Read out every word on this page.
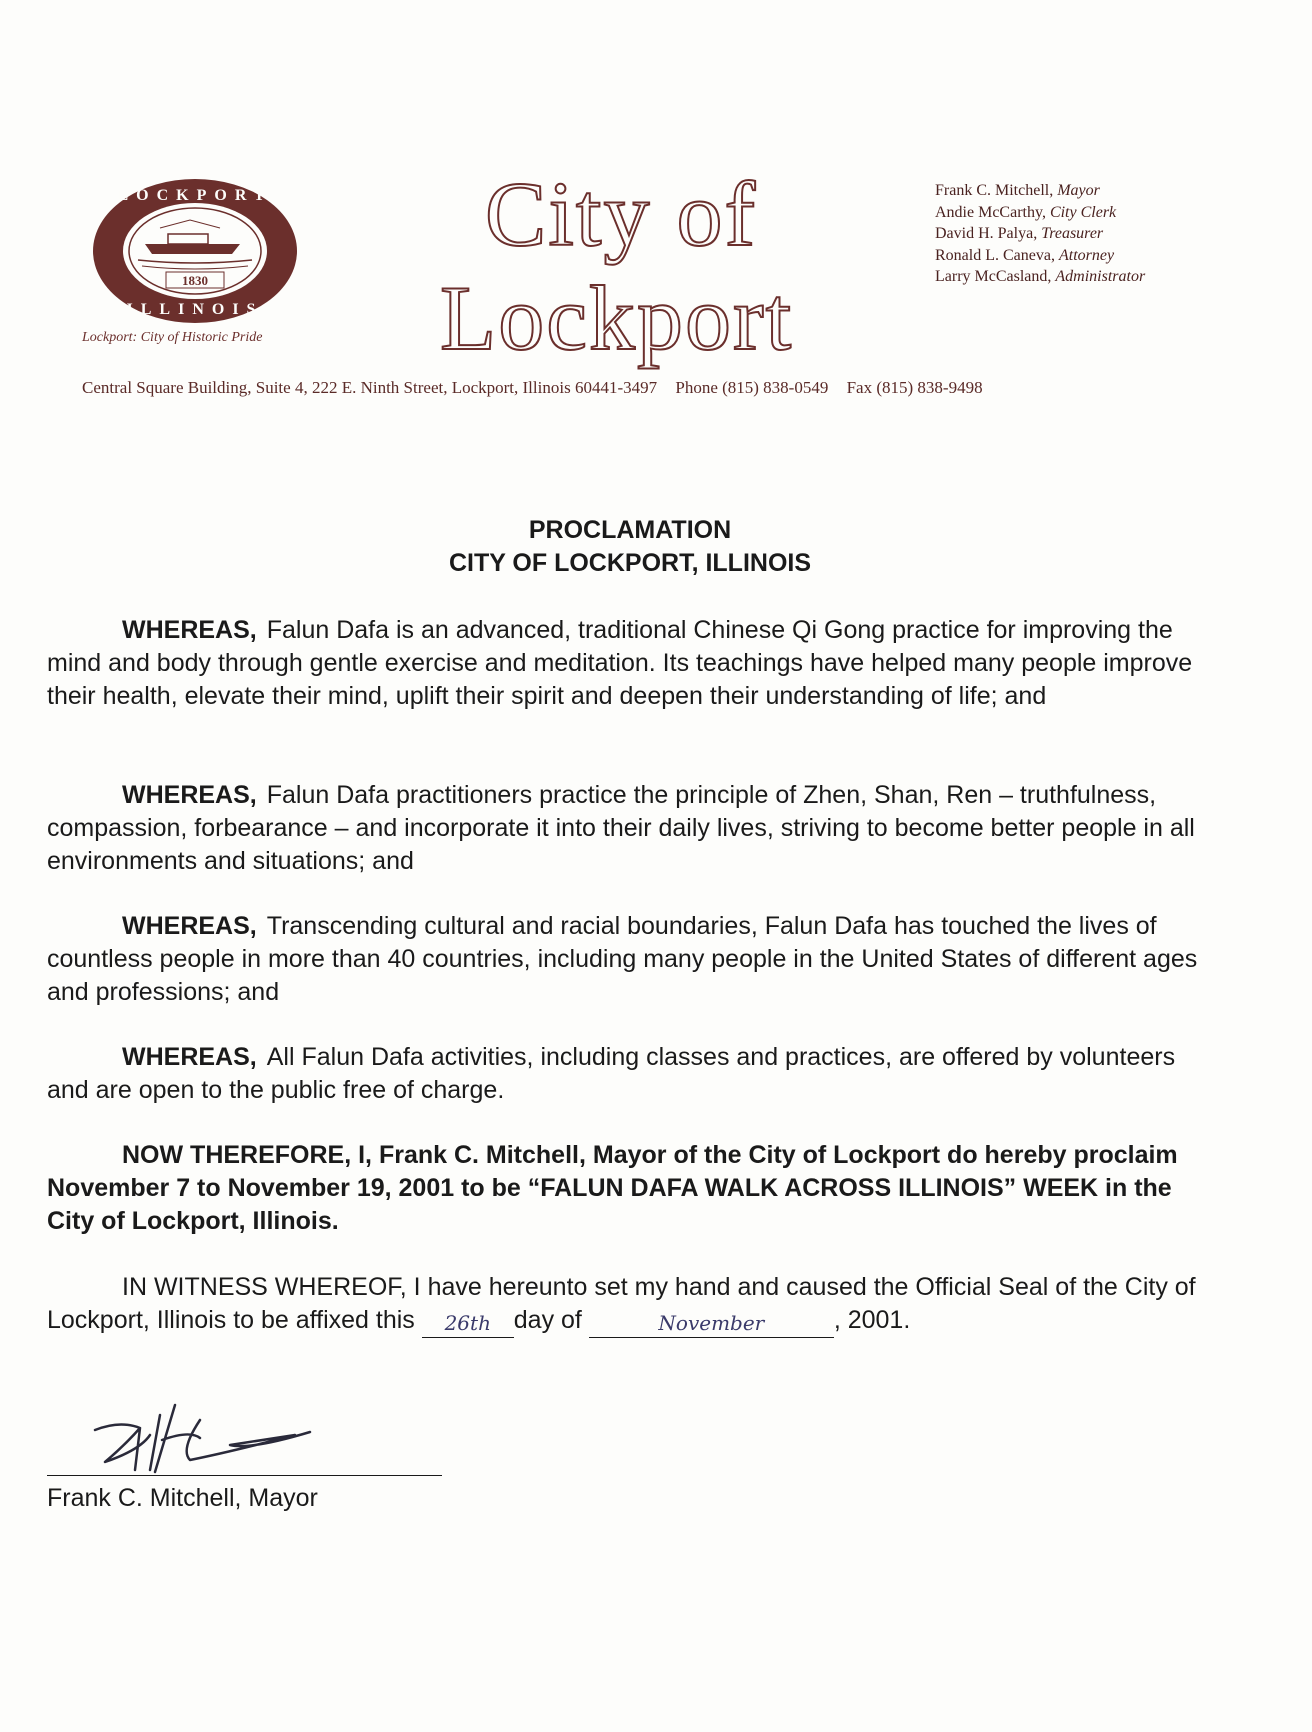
1830
LOCKPORT
ILLINOIS
Lockport: City of Historic Pride
City of
Lockport
Frank C. Mitchell, Mayor
Andie McCarthy, City Clerk
David H. Palya, Treasurer
Ronald L. Caneva, Attorney
Larry McCasland, Administrator
Central Square Building, Suite 4, 222 E. Ninth Street, Lockport, Illinois 60441-3497 Phone (815) 838-0549 Fax (815) 838-9498
PROCLAMATION
CITY OF LOCKPORT, ILLINOIS
WHEREAS, Falun Dafa is an advanced, traditional Chinese Qi Gong practice for improving the mind and body through gentle exercise and meditation. Its teachings have helped many people improve their health, elevate their mind, uplift their spirit and deepen their understanding of life; and
WHEREAS, Falun Dafa practitioners practice the principle of Zhen, Shan, Ren – truthfulness, compassion, forbearance – and incorporate it into their daily lives, striving to become better people in all environments and situations; and
WHEREAS, Transcending cultural and racial boundaries, Falun Dafa has touched the lives of countless people in more than 40 countries, including many people in the United States of different ages and professions; and
WHEREAS, All Falun Dafa activities, including classes and practices, are offered by volunteers and are open to the public free of charge.
NOW THEREFORE, I, Frank C. Mitchell, Mayor of the City of Lockport do hereby proclaim November 7 to November 19, 2001 to be “FALUN DAFA WALK ACROSS ILLINOIS” WEEK in the City of Lockport, Illinois.
IN WITNESS WHEREOF, I have hereunto set my hand and caused the Official Seal of the City of Lockport, Illinois to be affixed this 26th day of	November	, 2001.
Frank C. Mitchell, Mayor
